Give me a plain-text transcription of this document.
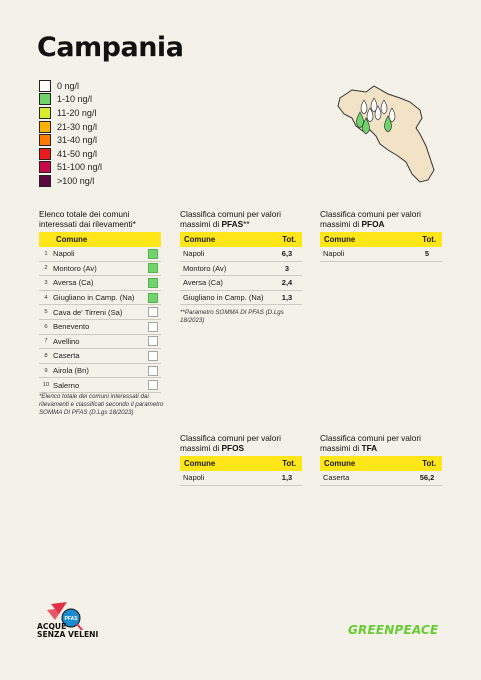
Campania
0 ng/l
1-10 ng/l
11-20 ng/l
21-30 ng/l
31-40 ng/l
41-50 ng/l
51-100 ng/l
>100 ng/l
Elenco totale dei comuni interessati dai rilevamenti*
Comune
1 Napoli
2 Montoro (Av)
3 Aversa (Ca)
4 Giugliano in Camp. (Na)
5 Cava de' Tirreni (Sa)
6 Benevento
7 Avellino
8 Caserta
9 Airola (Bn)
10 Salerno
*Elenco totale dei comuni interessati dai rilevamenti e classificati secondo il parametro SOMMA DI PFAS (D.Lgs 18/2023)
Classifica comuni per valori massimi di PFAS**
Comune	Tot.
Napoli	6,3
Montoro (Av)	3
Aversa (Ca)	2,4
Giugliano in Camp. (Na)	1,3
**Parametro SOMMA DI PFAS (D.Lgs 18/2023)
Classifica comuni per valori massimi di PFOA
Comune	Tot.
Napoli	5
Classifica comuni per valori massimi di PFOS
Comune	Tot.
Napoli	1,3
Classifica comuni per valori massimi di TFA
Comune	Tot.
Caserta	56,2
PFAS
ACQUE
SENZA VELENI	GREENPEACE
